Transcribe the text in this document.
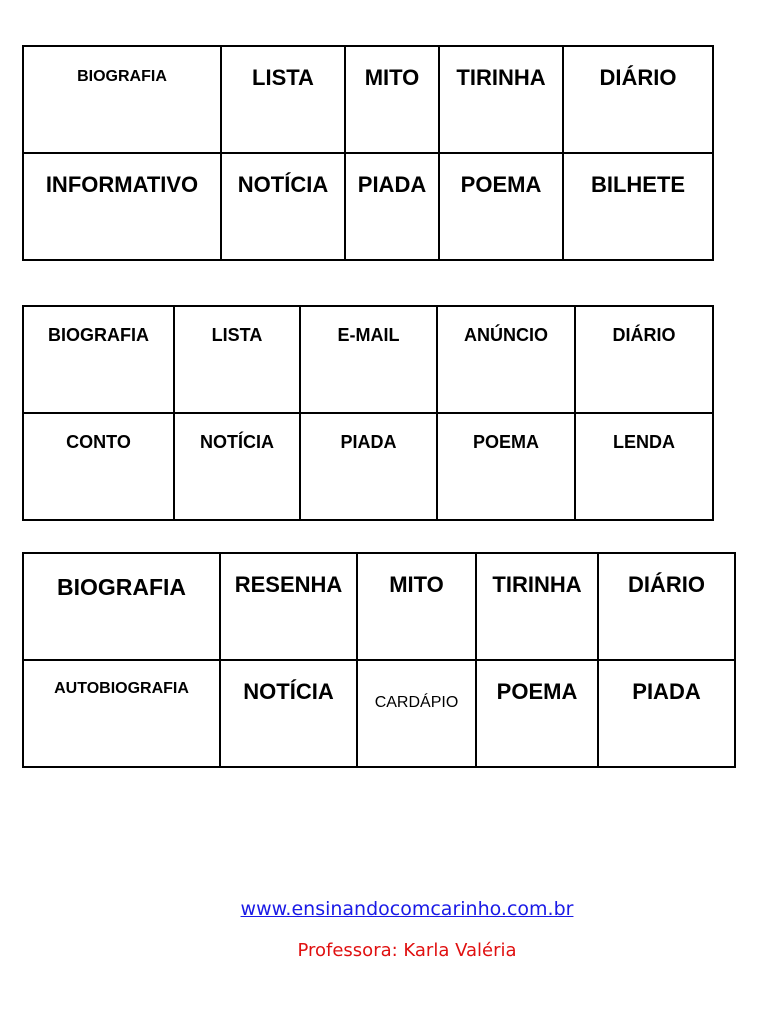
BIOGRAFIA	LISTA	MITO	TIRINHA	DIÁRIO
INFORMATIVO	NOTÍCIA	PIADA	POEMA	BILHETE
BIOGRAFIA	LISTA	E-MAIL	ANÚNCIO	DIÁRIO
CONTO	NOTÍCIA	PIADA	POEMA	LENDA
BIOGRAFIA	RESENHA	MITO	TIRINHA	DIÁRIO
AUTOBIOGRAFIA	NOTÍCIA	CARDÁPIO	POEMA	PIADA
www.ensinandocomcarinho.com.br
Professora: Karla Valéria
